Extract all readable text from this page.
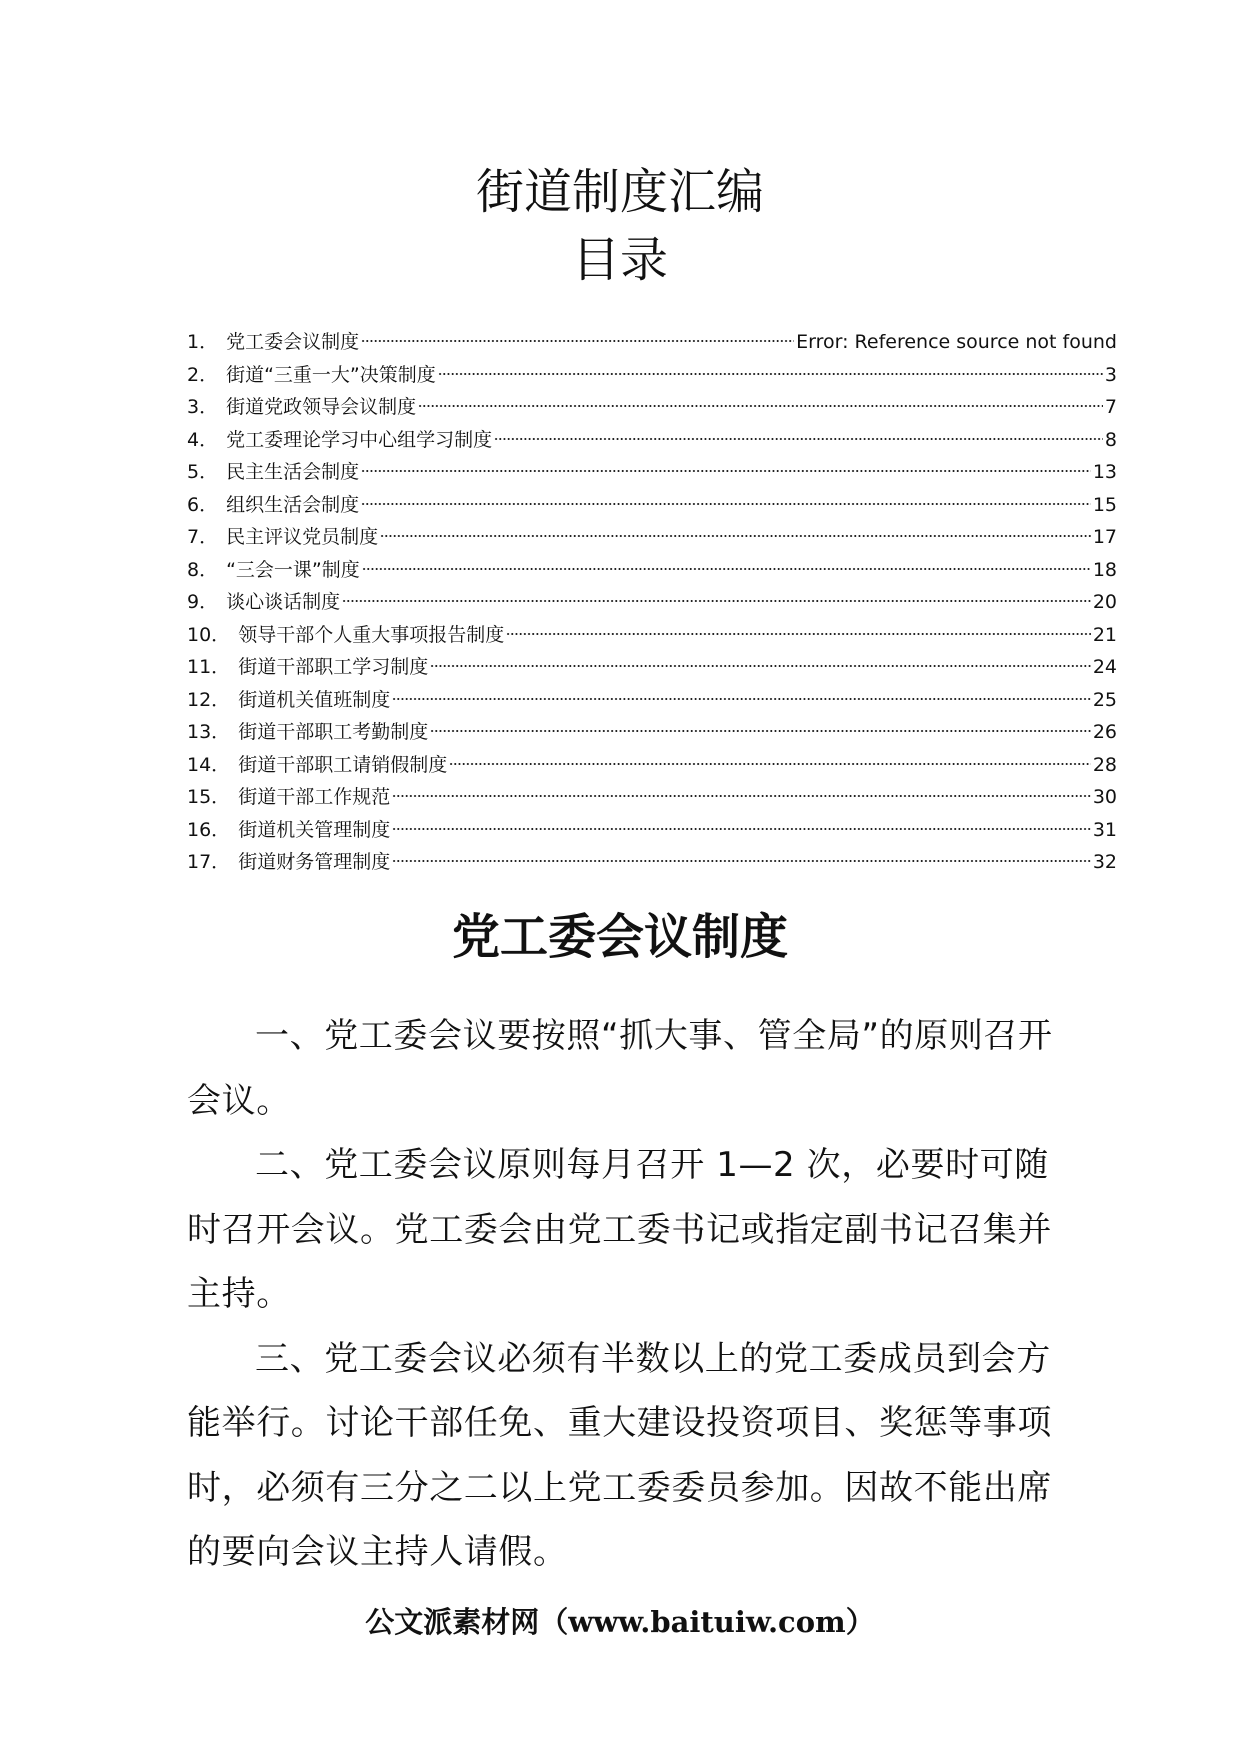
街道制度汇编
目录
1． 党工委会议制度	Error: Reference source not found
2． 街道“三重一大”决策制度	3
3． 街道党政领导会议制度	7
4． 党工委理论学习中心组学习制度	8
5． 民主生活会制度	13
6． 组织生活会制度	15
7． 民主评议党员制度	17
8． “三会一课”制度	18
9． 谈心谈话制度	20
10． 领导干部个人重大事项报告制度	21
11． 街道干部职工学习制度	24
12． 街道机关值班制度	25
13． 街道干部职工考勤制度	26
14． 街道干部职工请销假制度	28
15． 街道干部工作规范	30
16． 街道机关管理制度	31
17． 街道财务管理制度	32
党工委会议制度

一、党工委会议要按照“抓大事、管全局”的原则召开会议。

二、党工委会议原则每月召开 1—2 次，必要时可随时召开会议。党工委会由党工委书记或指定副书记召集并主持。

三、党工委会议必须有半数以上的党工委成员到会方能举行。讨论干部任免、重大建设投资项目、奖惩等事项时，必须有三分之二以上党工委委员参加。因故不能出席的要向会议主持人请假。

公文派素材网（www.baituiw.com）
